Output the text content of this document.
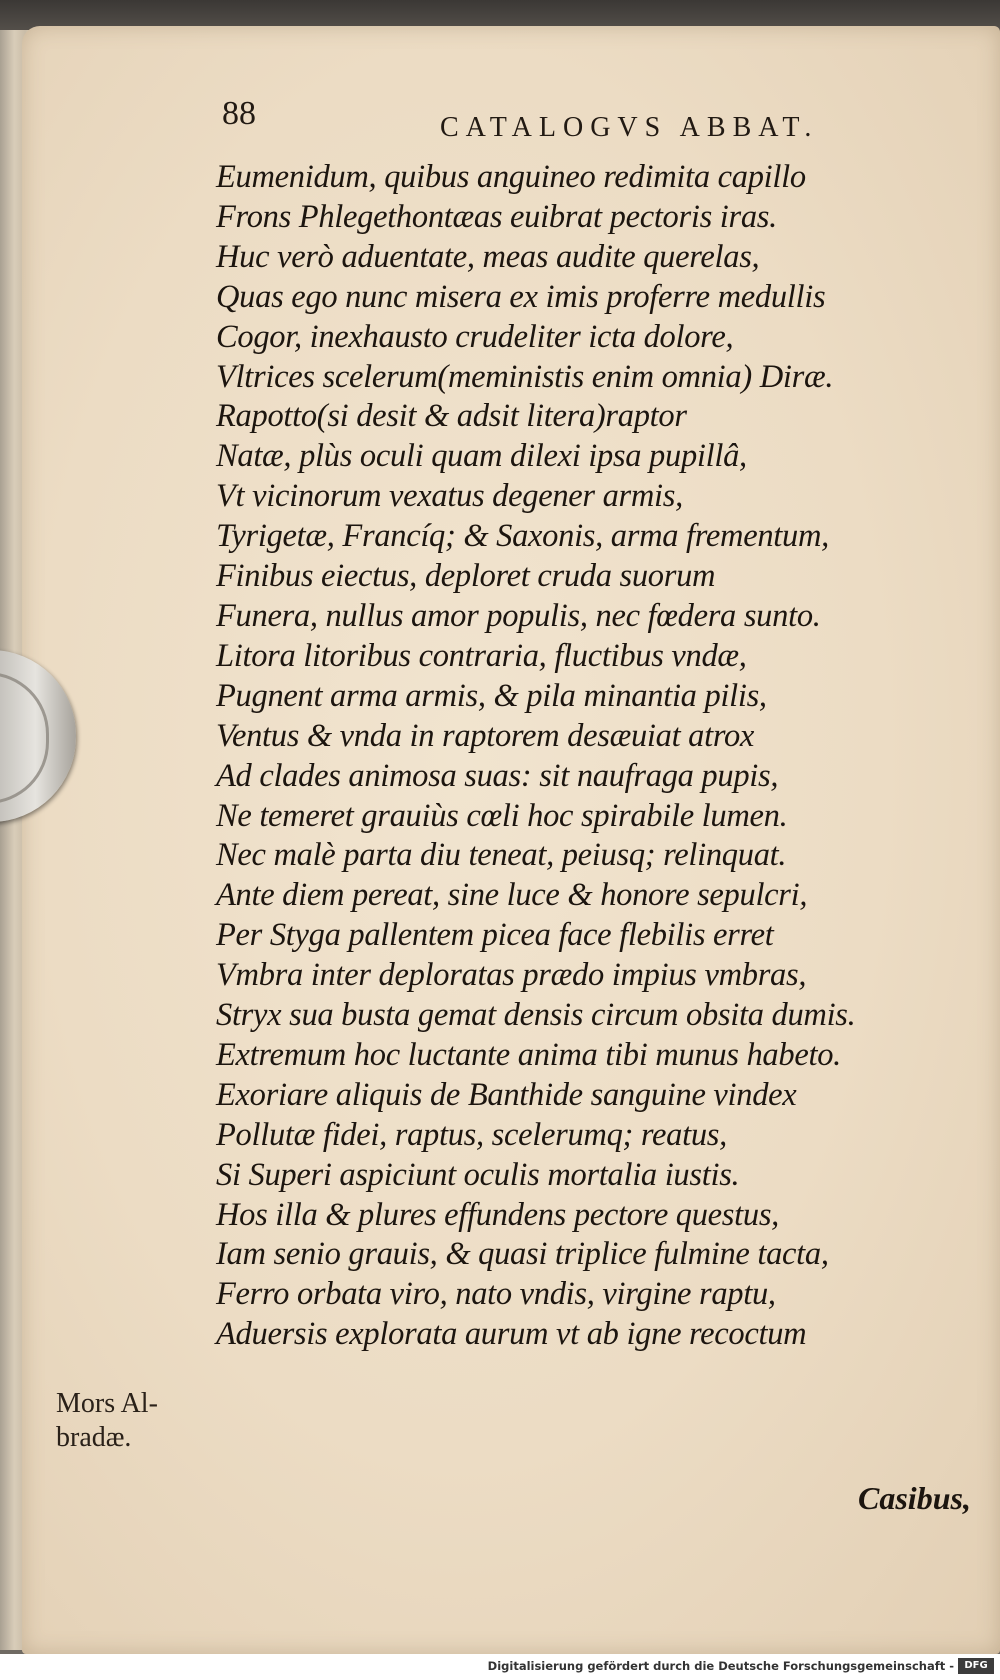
88	CATALOGVS ABBAT.
Eumenidum, quibus anguineo redimita capillo
Frons Phlegethontæas euibrat pectoris iras.
Huc verò aduentate, meas audite querelas,
Quas ego nunc misera ex imis proferre medullis
Cogor, inexhausto crudeliter icta dolore,
Vltrices scelerum(meministis enim omnia) Diræ.
Rapotto(si desit & adsit litera)raptor
Natæ, plùs oculi quam dilexi ipsa pupillâ,
Vt vicinorum vexatus degener armis,
Tyrigetæ, Francíq; & Saxonis, arma frementum,
Finibus eiectus, deploret cruda suorum
Funera, nullus amor populis, nec fœdera sunto.
Litora litoribus contraria, fluctibus vndæ,
Pugnent arma armis, & pila minantia pilis,
Ventus & vnda in raptorem desæuiat atrox
Ad clades animosa suas: sit naufraga pupis,
Ne temeret grauiùs cœli hoc spirabile lumen.
Nec malè parta diu teneat, peiusq; relinquat.
Ante diem pereat, sine luce & honore sepulcri,
Per Styga pallentem picea face flebilis erret
Vmbra inter deploratas prædo impius vmbras,
Stryx sua busta gemat densis circum obsita dumis.
Extremum hoc luctante anima tibi munus habeto.
Exoriare aliquis de Banthide sanguine vindex
Pollutæ fidei, raptus, scelerumq; reatus,
Si Superi aspiciunt oculis mortalia iustis.
Hos illa & plures effundens pectore questus,
Iam senio grauis, & quasi triplice fulmine tacta,
Ferro orbata viro, nato vndis, virgine raptu,
Aduersis explorata aurum vt ab igne recoctum
Mors Al-
bradæ.
Casibus,
Digitalisierung gefördert durch die Deutsche Forschungsgemeinschaft -	DFG
